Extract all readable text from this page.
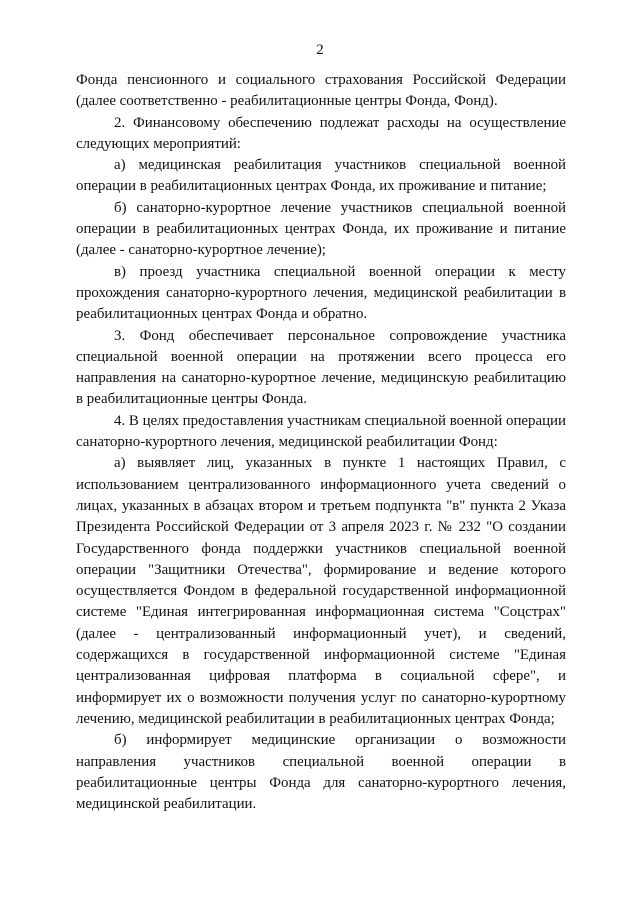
2

Фонда пенсионного и социального страхования Российской Федерации (далее соответственно - реабилитационные центры Фонда, Фонд).

2. Финансовому обеспечению подлежат расходы на осуществление следующих мероприятий:

а) медицинская реабилитация участников специальной военной операции в реабилитационных центрах Фонда, их проживание и питание;

б) санаторно-курортное лечение участников специальной военной операции в реабилитационных центрах Фонда, их проживание и питание (далее - санаторно-курортное лечение);

в) проезд участника специальной военной операции к месту прохождения санаторно-курортного лечения, медицинской реабилитации в реабилитационных центрах Фонда и обратно.

3. Фонд обеспечивает персональное сопровождение участника специальной военной операции на протяжении всего процесса его направления на санаторно-курортное лечение, медицинскую реабилитацию в реабилитационные центры Фонда.

4. В целях предоставления участникам специальной военной операции санаторно-курортного лечения, медицинской реабилитации Фонд:

а) выявляет лиц, указанных в пункте 1 настоящих Правил, с использованием централизованного информационного учета сведений о лицах, указанных в абзацах втором и третьем подпункта "в" пункта 2 Указа Президента Российской Федерации от 3 апреля 2023 г. № 232 "О создании Государственного фонда поддержки участников специальной военной операции "Защитники Отечества", формирование и ведение которого осуществляется Фондом в федеральной государственной информационной системе "Единая интегрированная информационная система "Соцстрах" (далее - централизованный информационный учет), и сведений, содержащихся в государственной информационной системе "Единая централизованная цифровая платформа в социальной сфере", и информирует их о возможности получения услуг по санаторно-курортному лечению, медицинской реабилитации в реабилитационных центрах Фонда;

б) информирует медицинские организации о возможности направления участников специальной военной операции в реабилитационные центры Фонда для санаторно-курортного лечения, медицинской реабилитации.
